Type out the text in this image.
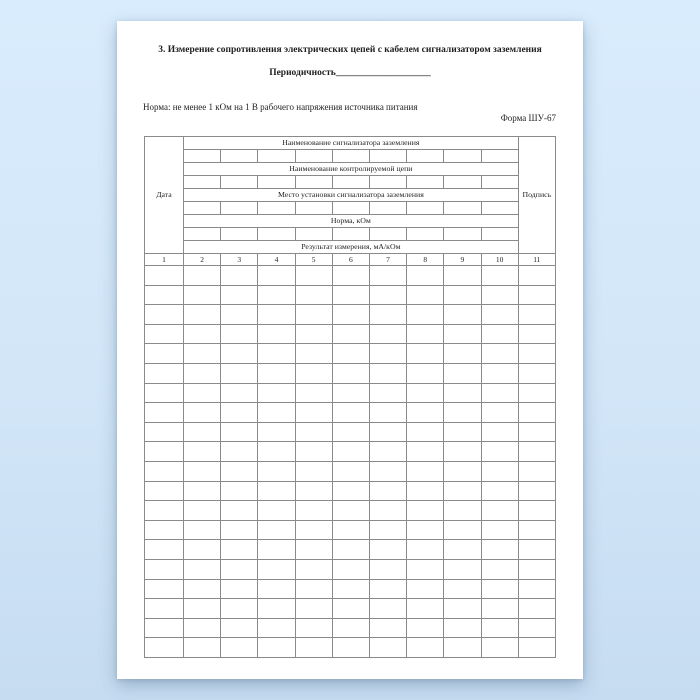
3. Измерение сопротивления электрических цепей с кабелем сигнализатором заземления
Периодичность____________________
Норма: не менее 1 кОм на 1 В рабочего напряжения источника питания
Форма ШУ-67
Дата	Наименование сигнализатора заземления									Подпись

	Наименование контролируемой цепи									

	Место установки сигнализатора заземления									

	Норма, кОм									

	Результат измерения, мА/кОм									
1	2	3	4	5	6	7	8	9	10	11
